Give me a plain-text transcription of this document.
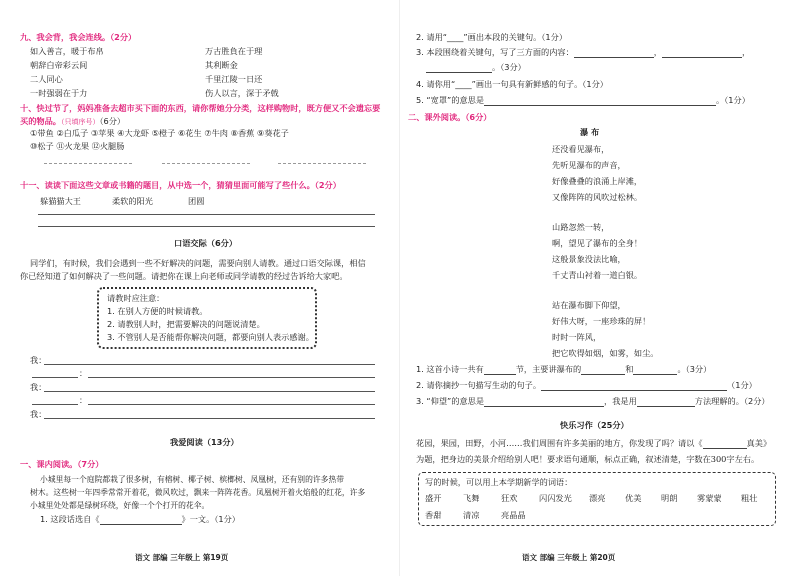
九、我会背，我会连线。（2分）
如入善言，暖于布帛	万古胜負在于理
朝辞白帝彩云间	其利断金
二人同心	千里江陵一日还
一时强弱在于力	伤人以言，深于矛戟
十、快过节了，妈妈准备去超市买下面的东西，请你帮她分分类，这样购物时，既方便又不会遗忘要买的物品。（只填序号）（6分）
①带鱼 ②白瓜子 ③苹果 ④大龙虾 ⑤橙子 ⑥花生 ⑦牛肉 ⑧香蕉 ⑨葵花子
⑩松子 ⑪火龙果 ⑫火腿肠
十一、读读下面这些文章或书籍的题目，从中选一个，猜猜里面可能写了些什么。（2分）
躲猫猫大王	柔软的阳光	团圆
口语交际（6分）
同学们，有时候，我们会遇到一些不好解决的问题，需要向别人请教。通过口语交际课，相信
你已经知道了如何解决了一些问题。请把你在课上向老师或同学请教的经过告诉给大家吧。
请教时应注意：
1. 在别人方便的时候请教。
2. 请教别人时，把需要解决的问题说清楚。
3. 不管别人是否能帮你解决问题，都要向别人表示感谢。
我：
：
我：
：
我：
我爱阅读（13分）
一、课内阅读。（7分）
小城里每一个庭院都栽了很多树，有榕树、椰子树、槟榔树、凤凰树，还有别的许多热带
树木。这些树一年四季常常开着花，微风吹过，飘来一阵阵花香。凤凰树开着火焰般的红花，许多
小城里处处都是绿树环绕，好像一个个打开的花伞。
1. 这段话选自《	》一文。（1分）
语文 部编 三年级上 第19页
2. 请用“____”画出本段的关键句。（1分）
3. 本段围绕着关键句，写了三方面的内容：	，	，
。（3分）
4. 请你用“____”画出一句具有新鲜感的句子。（1分）
5. “宽罩”的意思是	。（1分）
二、课外阅读。（6分）
瀑 布
还没看见瀑布，
先听见瀑布的声音，
好像叠叠的浪涌上岸滩，
又像阵阵的风吹过松林。
山路忽然一转，
啊，望见了瀑布的全身！
这般景象没法比喻，
千丈青山衬着一道白银。
站在瀑布脚下仰望，
好伟大呀，一座珍珠的屏！
时时一阵风，
把它吹得如烟，如雾，如尘。
1. 这首小诗一共有	节，主要讲瀑布的	和	。（3分）
2. 请你摘抄一句描写生动的句子。	（1分）
3. “仰望”的意思是	，我是用	方法理解的。（2分）
快乐习作（25分）
花园，果园，田野，小河……我们周围有许多美丽的地方，你发现了吗？请以《	真美》
为题，把身边的美景介绍给别人吧！要求语句通顺，标点正确，叙述清楚，字数在300字左右。
写的时候，可以用上本学期新学的词语：
盛开	飞舞	狂欢	闪闪发光 漂亮 优美 明朗 雾蒙蒙 粗壮
香甜	清凉	亮晶晶
语文 部编 三年级上 第20页
